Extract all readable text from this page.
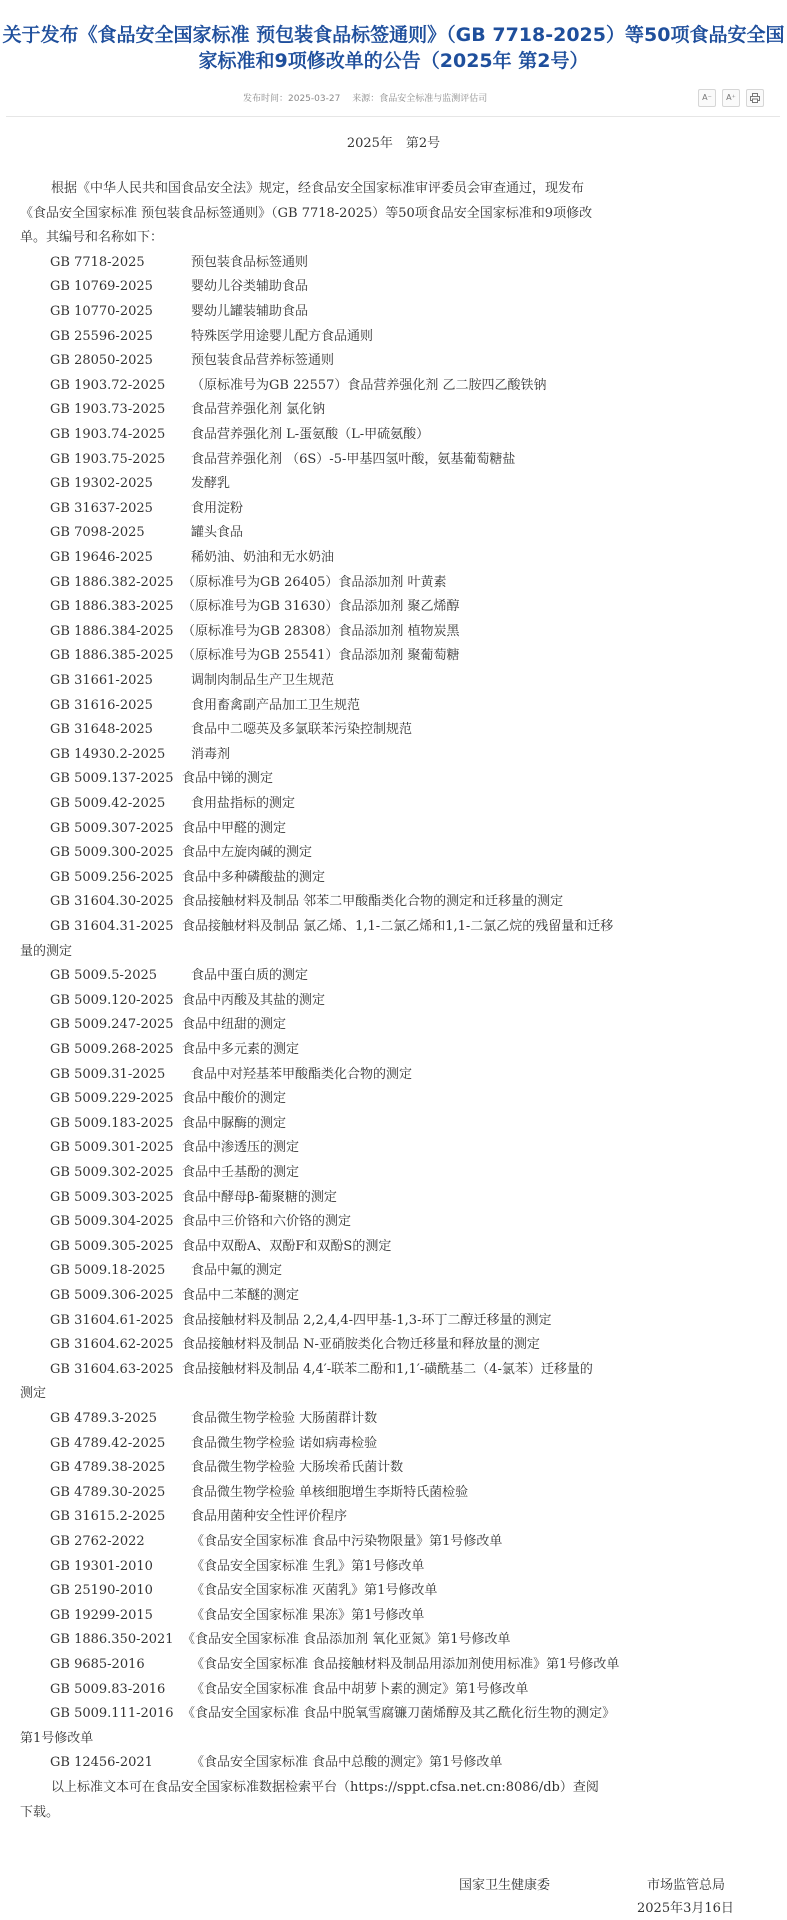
关于发布《食品安全国家标准 预包装食品标签通则》（GB 7718-2025）等50项食品安全国
家标准和9项修改单的公告（2025年 第2号）
发布时间：2025-03-27 来源：食品安全标准与监测评估司	A⁻	A⁺
2025年　第2号
根据《中华人民共和国食品安全法》规定，经食品安全国家标准审评委员会审查通过，现发布
《食品安全国家标准 预包装食品标签通则》（GB 7718-2025）等50项食品安全国家标准和9项修改
单。其编号和名称如下：
GB 7718-2025	预包装食品标签通则
GB 10769-2025	婴幼儿谷类辅助食品
GB 10770-2025	婴幼儿罐装辅助食品
GB 25596-2025	特殊医学用途婴儿配方食品通则
GB 28050-2025	预包装食品营养标签通则
GB 1903.72-2025 （原标准号为GB 22557）食品营养强化剂 乙二胺四乙酸铁钠
GB 1903.73-2025 食品营养强化剂 氯化钠
GB 1903.74-2025 食品营养强化剂 L-蛋氨酸（L-甲硫氨酸）
GB 1903.75-2025 食品营养强化剂 （6S）-5-甲基四氢叶酸，氨基葡萄糖盐
GB 19302-2025	发酵乳
GB 31637-2025	食用淀粉
GB 7098-2025	罐头食品
GB 19646-2025	稀奶油、奶油和无水奶油
GB 1886.382-2025 （原标准号为GB 26405）食品添加剂 叶黄素
GB 1886.383-2025 （原标准号为GB 31630）食品添加剂 聚乙烯醇
GB 1886.384-2025 （原标准号为GB 28308）食品添加剂 植物炭黑
GB 1886.385-2025 （原标准号为GB 25541）食品添加剂 聚葡萄糖
GB 31661-2025	调制肉制品生产卫生规范
GB 31616-2025	食用畜禽副产品加工卫生规范
GB 31648-2025	食品中二噁英及多氯联苯污染控制规范
GB 14930.2-2025 消毒剂
GB 5009.137-2025 食品中锑的测定
GB 5009.42-2025 食用盐指标的测定
GB 5009.307-2025 食品中甲醛的测定
GB 5009.300-2025 食品中左旋肉碱的测定
GB 5009.256-2025 食品中多种磷酸盐的测定
GB 31604.30-2025 食品接触材料及制品 邻苯二甲酸酯类化合物的测定和迁移量的测定
GB 31604.31-2025 食品接触材料及制品 氯乙烯、1,1-二氯乙烯和1,1-二氯乙烷的残留量和迁移
量的测定
GB 5009.5-2025	食品中蛋白质的测定
GB 5009.120-2025 食品中丙酸及其盐的测定
GB 5009.247-2025 食品中纽甜的测定
GB 5009.268-2025 食品中多元素的测定
GB 5009.31-2025 食品中对羟基苯甲酸酯类化合物的测定
GB 5009.229-2025 食品中酸价的测定
GB 5009.183-2025 食品中脲酶的测定
GB 5009.301-2025 食品中渗透压的测定
GB 5009.302-2025 食品中壬基酚的测定
GB 5009.303-2025 食品中酵母β-葡聚糖的测定
GB 5009.304-2025 食品中三价铬和六价铬的测定
GB 5009.305-2025 食品中双酚A、双酚F和双酚S的测定
GB 5009.18-2025 食品中氟的测定
GB 5009.306-2025 食品中二苯醚的测定
GB 31604.61-2025 食品接触材料及制品 2,2,4,4-四甲基-1,3-环丁二醇迁移量的测定
GB 31604.62-2025 食品接触材料及制品 N-亚硝胺类化合物迁移量和释放量的测定
GB 31604.63-2025 食品接触材料及制品 4,4′-联苯二酚和1,1′-磺酰基二（4-氯苯）迁移量的
测定
GB 4789.3-2025	食品微生物学检验 大肠菌群计数
GB 4789.42-2025 食品微生物学检验 诺如病毒检验
GB 4789.38-2025 食品微生物学检验 大肠埃希氏菌计数
GB 4789.30-2025 食品微生物学检验 单核细胞增生李斯特氏菌检验
GB 31615.2-2025 食品用菌种安全性评价程序
GB 2762-2022	《食品安全国家标准 食品中污染物限量》第1号修改单
GB 19301-2010	《食品安全国家标准 生乳》第1号修改单
GB 25190-2010	《食品安全国家标准 灭菌乳》第1号修改单
GB 19299-2015	《食品安全国家标准 果冻》第1号修改单
GB 1886.350-2021 《食品安全国家标准 食品添加剂 氧化亚氮》第1号修改单
GB 9685-2016	《食品安全国家标准 食品接触材料及制品用添加剂使用标准》第1号修改单
GB 5009.83-2016 《食品安全国家标准 食品中胡萝卜素的测定》第1号修改单
GB 5009.111-2016 《食品安全国家标准 食品中脱氧雪腐镰刀菌烯醇及其乙酰化衍生物的测定》
第1号修改单
GB 12456-2021	《食品安全国家标准 食品中总酸的测定》第1号修改单
以上标准文本可在食品安全国家标准数据检索平台（https://sppt.cfsa.net.cn:8086/db）查阅
下载。
国家卫生健康委	市场监管总局
2025年3月16日
